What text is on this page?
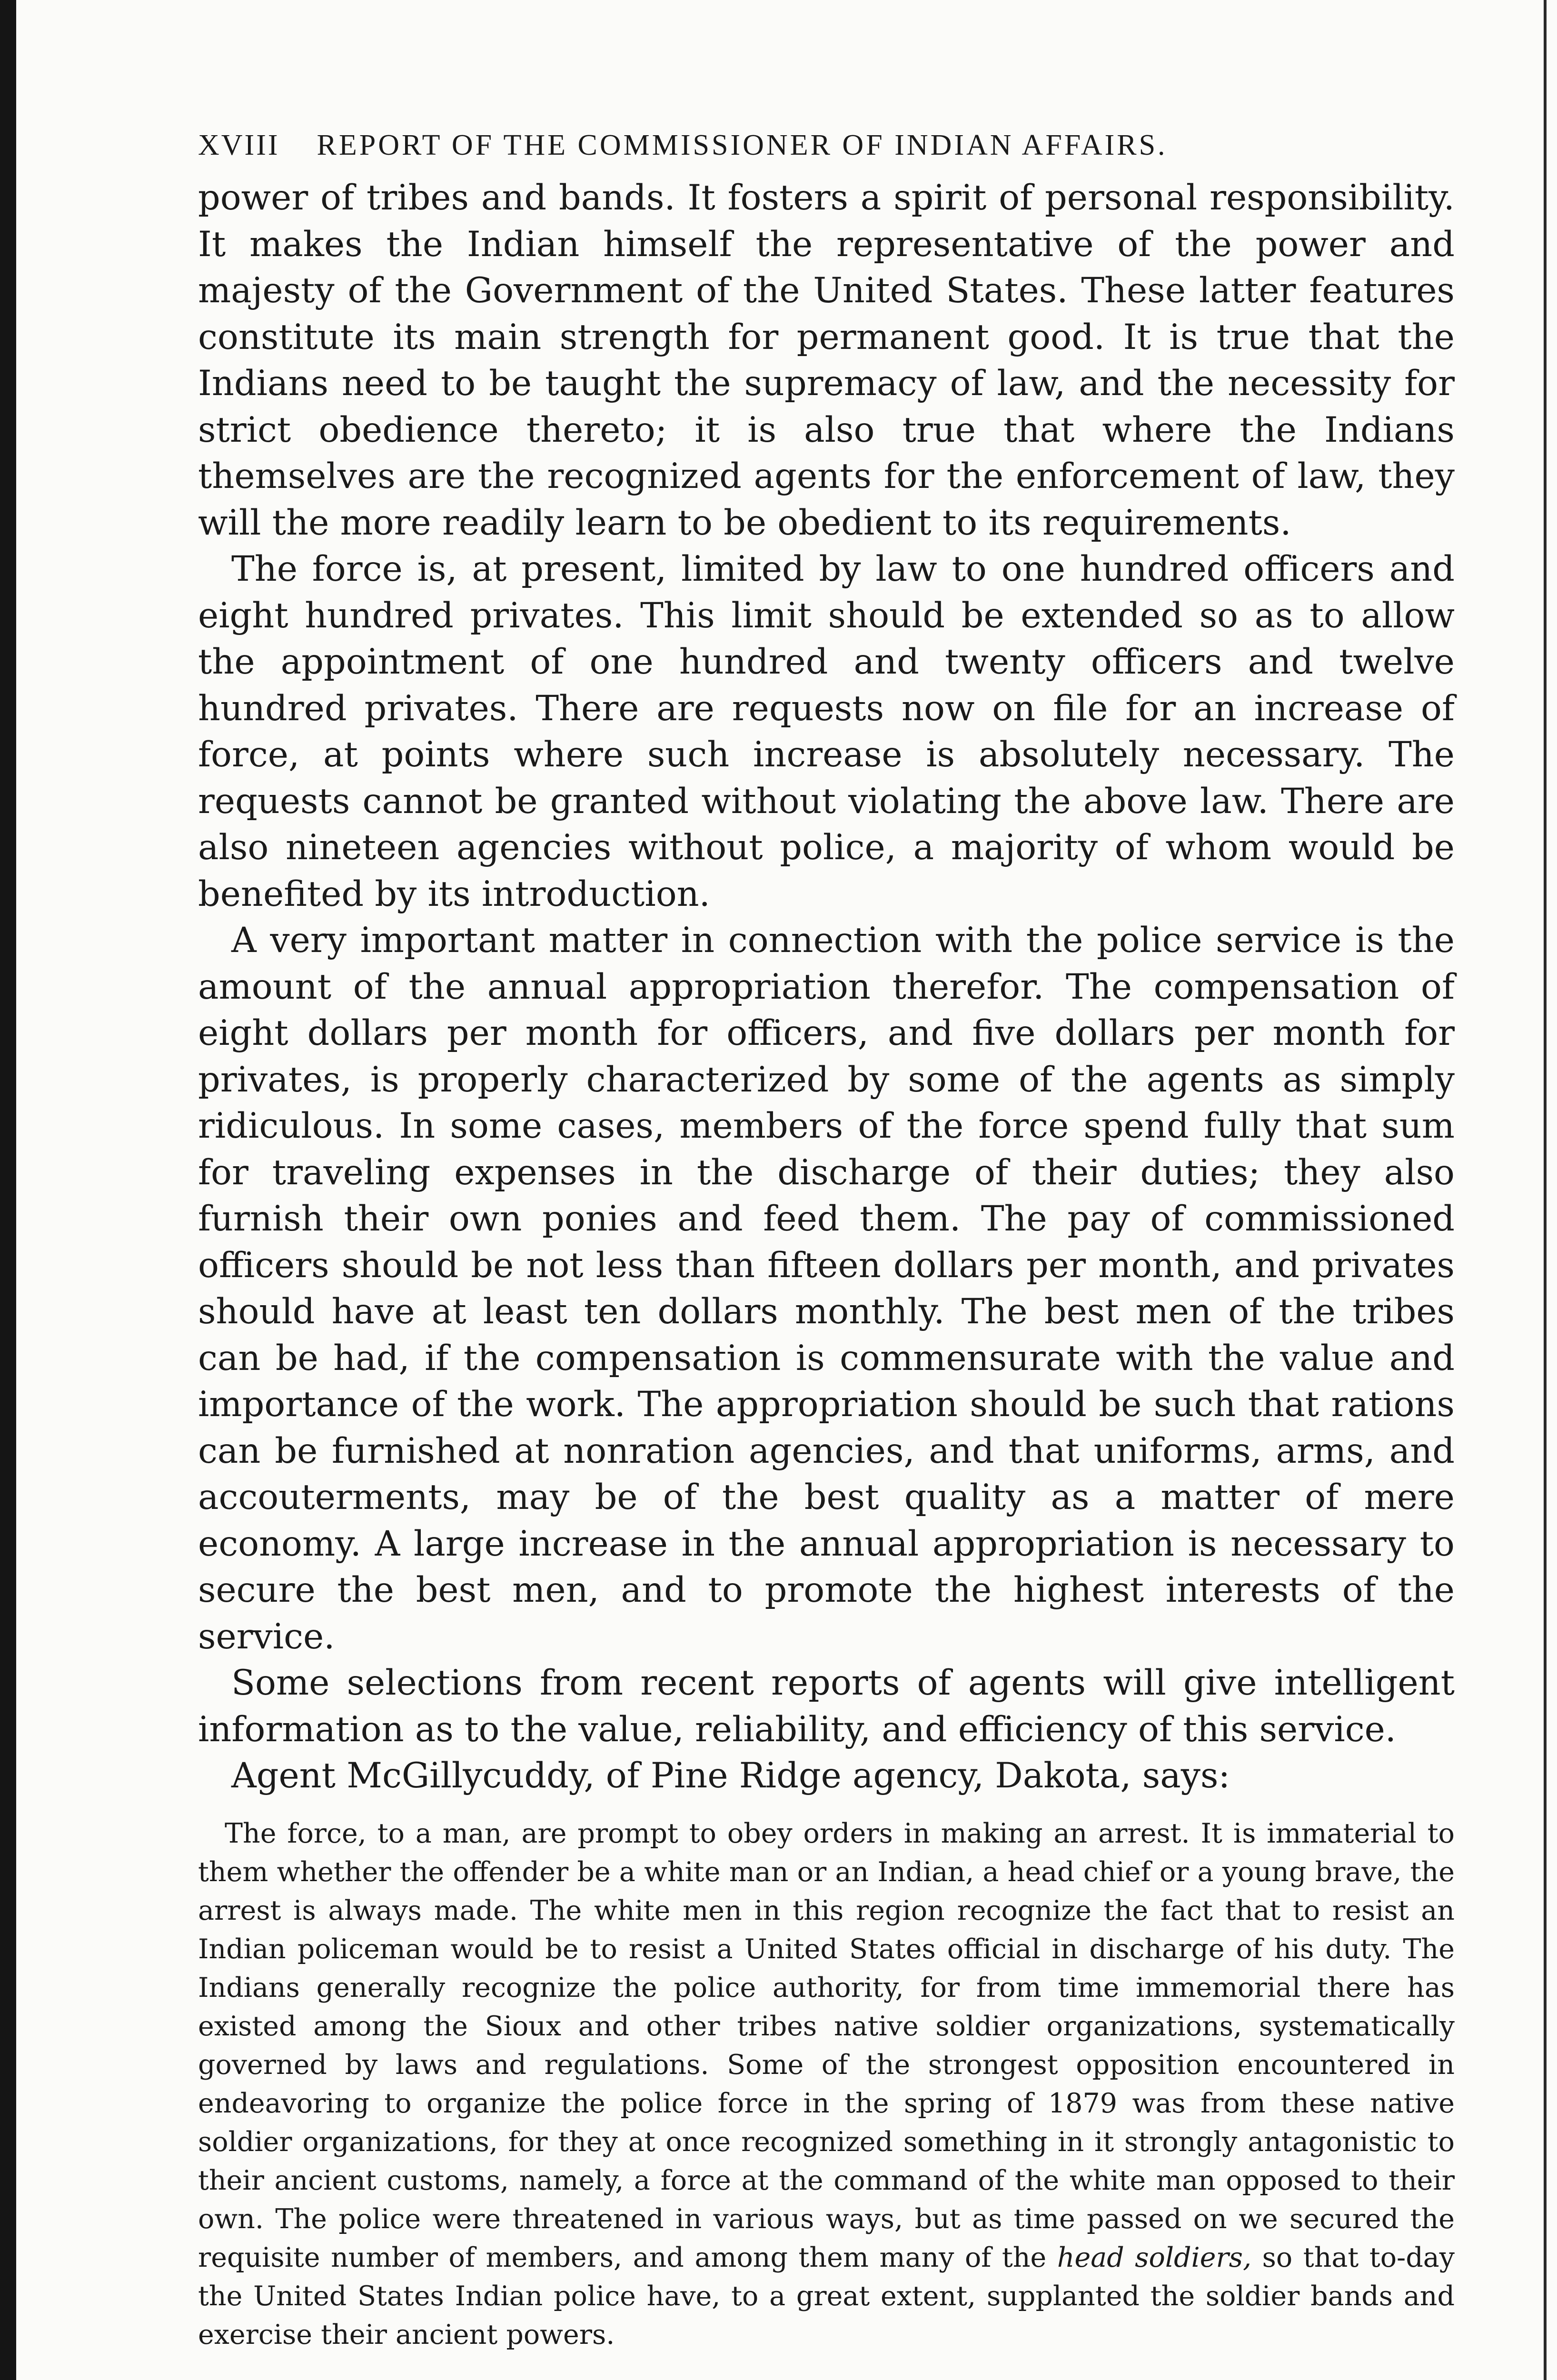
XVIII REPORT OF THE COMMISSIONER OF INDIAN AFFAIRS.

power of tribes and bands. It fosters a spirit of personal responsibility. It makes the Indian himself the representative of the power and majesty of the Government of the United States. These latter features constitute its main strength for permanent good. It is true that the Indians need to be taught the supremacy of law, and the necessity for strict obedience thereto; it is also true that where the Indians themselves are the recognized agents for the enforcement of law, they will the more readily learn to be obedient to its requirements.

The force is, at present, limited by law to one hundred officers and eight hundred privates. This limit should be extended so as to allow the appointment of one hundred and twenty officers and twelve hundred privates. There are requests now on file for an increase of force, at points where such increase is absolutely necessary. The requests cannot be granted without violating the above law. There are also nineteen agencies without police, a majority of whom would be benefited by its introduction.

A very important matter in connection with the police service is the amount of the annual appropriation therefor. The compensation of eight dollars per month for officers, and five dollars per month for privates, is properly characterized by some of the agents as simply ridiculous. In some cases, members of the force spend fully that sum for traveling expenses in the discharge of their duties; they also furnish their own ponies and feed them. The pay of commissioned officers should be not less than fifteen dollars per month, and privates should have at least ten dollars monthly. The best men of the tribes can be had, if the compensation is commensurate with the value and importance of the work. The appropriation should be such that rations can be furnished at nonration agencies, and that uniforms, arms, and accouterments, may be of the best quality as a matter of mere economy. A large increase in the annual appropriation is necessary to secure the best men, and to promote the highest interests of the service.

Some selections from recent reports of agents will give intelligent information as to the value, reliability, and efficiency of this service.

Agent McGillycuddy, of Pine Ridge agency, Dakota, says:

The force, to a man, are prompt to obey orders in making an arrest. It is immaterial to them whether the offender be a white man or an Indian, a head chief or a young brave, the arrest is always made. The white men in this region recognize the fact that to resist an Indian policeman would be to resist a United States official in discharge of his duty. The Indians generally recognize the police authority, for from time immemorial there has existed among the Sioux and other tribes native soldier organizations, systematically governed by laws and regulations. Some of the strongest opposition encountered in endeavoring to organize the police force in the spring of 1879 was from these native soldier organizations, for they at once recognized something in it strongly antagonistic to their ancient customs, namely, a force at the command of the white man opposed to their own. The police were threatened in various ways, but as time passed on we secured the requisite number of members, and among them many of the head soldiers, so that to-day the United States Indian police have, to a great extent, supplanted the soldier bands and exercise their ancient powers.
